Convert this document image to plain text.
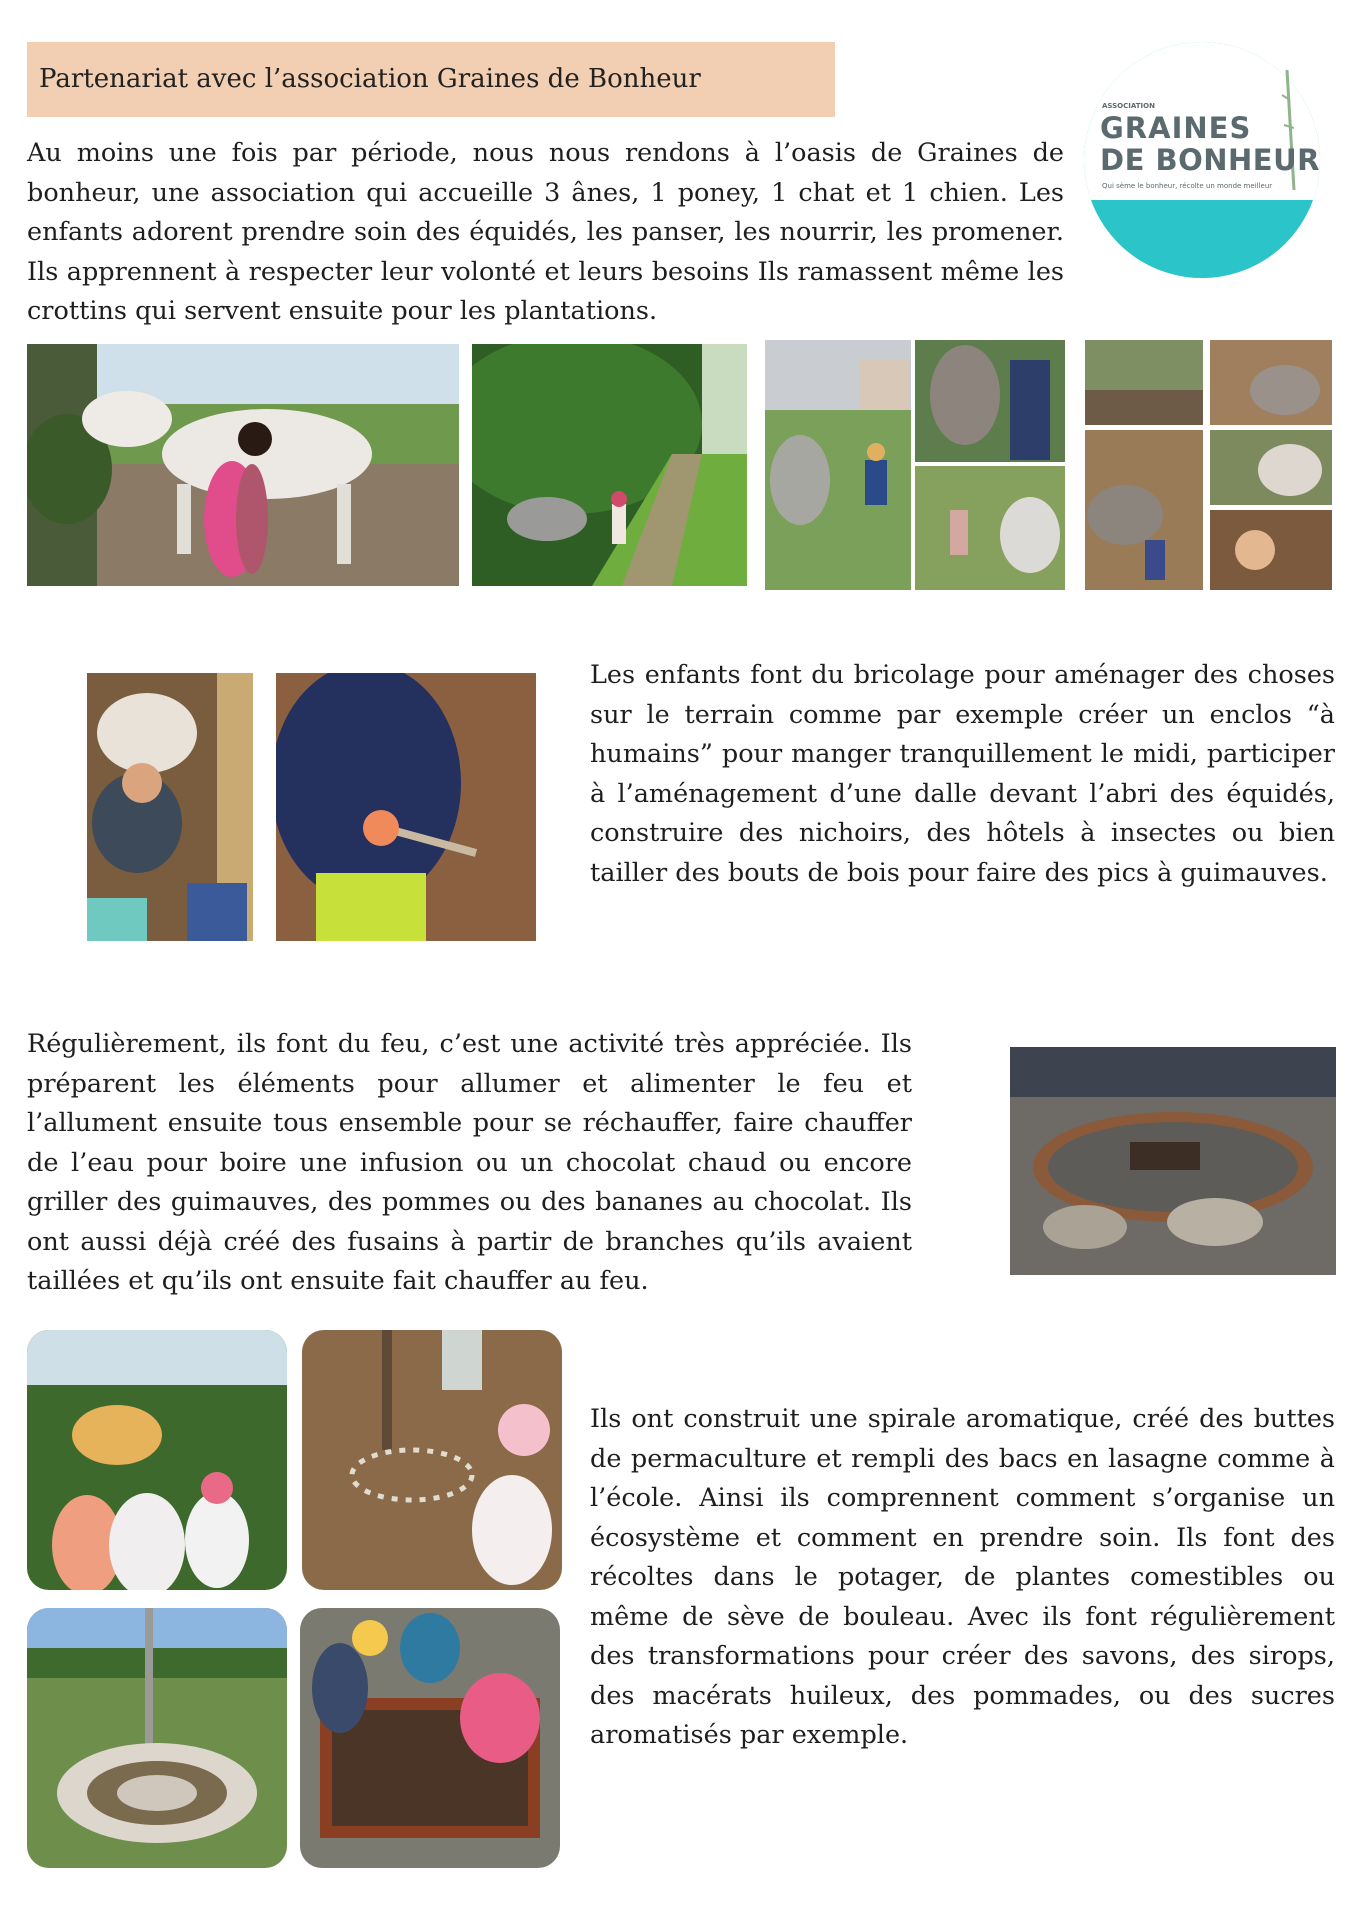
Partenariat avec l’association Graines de Bonheur
ASSOCIATION
GRAINES
DE BONHEUR
Qui sème le bonheur, récolte un monde meilleur

Au moins une fois par période, nous nous rendons à l’oasis de Graines de bonheur, une association qui accueille 3 ânes, 1 poney, 1 chat et 1 chien. Les enfants adorent prendre soin des équidés, les panser, les nourrir, les promener. Ils apprennent à respecter leur volonté et leurs besoins Ils ramassent même les crottins qui servent ensuite pour les plantations.

Les enfants font du bricolage pour aménager des choses sur le terrain comme par exemple créer un enclos “à humains” pour manger tranquillement le midi, participer à l’aménagement d’une dalle devant l’abri des équidés, construire des nichoirs, des hôtels à insectes ou bien tailler des bouts de bois pour faire des pics à guimauves.

Régulièrement, ils font du feu, c’est une activité très appréciée. Ils préparent les éléments pour allumer et alimenter le feu et l’allument ensuite tous ensemble pour se réchauffer, faire chauffer de l’eau pour boire une infusion ou un chocolat chaud ou encore griller des guimauves, des pommes ou des bananes au chocolat. Ils ont aussi déjà créé des fusains à partir de branches qu’ils avaient taillées et qu’ils ont ensuite fait chauffer au feu.

Ils ont construit une spirale aromatique, créé des buttes de permaculture et rempli des bacs en lasagne comme à l’école. Ainsi ils comprennent comment s’organise un écosystème et comment en prendre soin. Ils font des récoltes dans le potager, de plantes comestibles ou même de sève de bouleau. Avec ils font régulièrement des transformations pour créer des savons, des sirops, des macérats huileux, des pommades, ou des sucres aromatisés par exemple.
